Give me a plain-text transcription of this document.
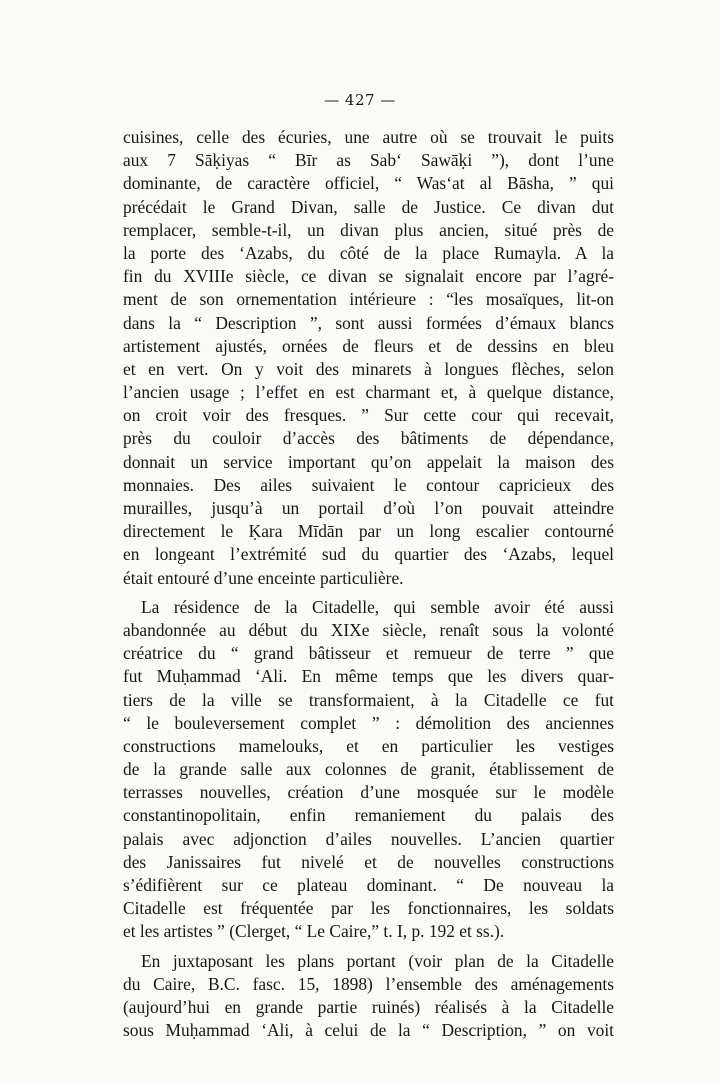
— 427 —
cuisines, celle des écuries, une autre où se trouvait le puits
aux 7 Sāḳiyas “ Bīr as Sab‘ Sawāḳi ”), dont l’une
dominante, de caractère officiel, “ Was‘at al Bāsha, ” qui
précédait le Grand Divan, salle de Justice. Ce divan dut
remplacer, semble-t-il, un divan plus ancien, situé près de
la porte des ‘Azabs, du côté de la place Rumayla. A la
fin du XVIIIe siècle, ce divan se signalait encore par l’agré-
ment de son ornementation intérieure : “les mosaïques, lit-on
dans la “ Description ”, sont aussi formées d’émaux blancs
artistement ajustés, ornées de fleurs et de dessins en bleu
et en vert. On y voit des minarets à longues flèches, selon
l’ancien usage ; l’effet en est charmant et, à quelque distance,
on croit voir des fresques. ” Sur cette cour qui recevait,
près du couloir d’accès des bâtiments de dépendance,
donnait un service important qu’on appelait la maison des
monnaies. Des ailes suivaient le contour capricieux des
murailles, jusqu’à un portail d’où l’on pouvait atteindre
directement le Ḳara Mīdān par un long escalier contourné
en longeant l’extrémité sud du quartier des ‘Azabs, lequel
était entouré d’une enceinte particulière.
La résidence de la Citadelle, qui semble avoir été aussi
abandonnée au début du XIXe siècle, renaît sous la volonté
créatrice du “ grand bâtisseur et remueur de terre ” que
fut Muḥammad ‘Ali. En même temps que les divers quar-
tiers de la ville se transformaient, à la Citadelle ce fut
“ le bouleversement complet ” : démolition des anciennes
constructions mamelouks, et en particulier les vestiges
de la grande salle aux colonnes de granit, établissement de
terrasses nouvelles, création d’une mosquée sur le modèle
constantinopolitain, enfin remaniement du palais des
palais avec adjonction d’ailes nouvelles. L’ancien quartier
des Janissaires fut nivelé et de nouvelles constructions
s’édifièrent sur ce plateau dominant. “ De nouveau la
Citadelle est fréquentée par les fonctionnaires, les soldats
et les artistes ” (Clerget, “ Le Caire,” t. I, p. 192 et ss.).
En juxtaposant les plans portant (voir plan de la Citadelle
du Caire, B.C. fasc. 15, 1898) l’ensemble des aménagements
(aujourd’hui en grande partie ruinés) réalisés à la Citadelle
sous Muḥammad ‘Ali, à celui de la “ Description, ” on voit
